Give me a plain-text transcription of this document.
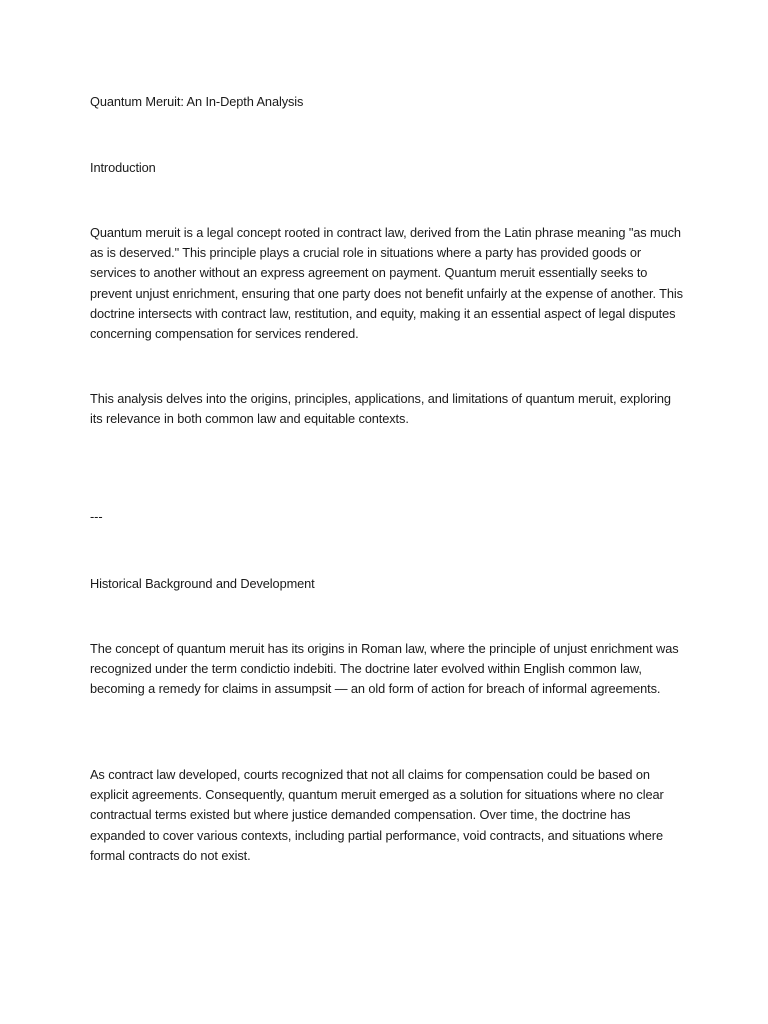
Quantum Meruit: An In-Depth Analysis

Introduction

Quantum meruit is a legal concept rooted in contract law, derived from the Latin phrase meaning "as much as is deserved." This principle plays a crucial role in situations where a party has provided goods or services to another without an express agreement on payment. Quantum meruit essentially seeks to prevent unjust enrichment, ensuring that one party does not benefit unfairly at the expense of another. This doctrine intersects with contract law, restitution, and equity, making it an essential aspect of legal disputes concerning compensation for services rendered.

This analysis delves into the origins, principles, applications, and limitations of quantum meruit, exploring its relevance in both common law and equitable contexts.

---

Historical Background and Development

The concept of quantum meruit has its origins in Roman law, where the principle of unjust enrichment was recognized under the term condictio indebiti. The doctrine later evolved within English common law, becoming a remedy for claims in assumpsit — an old form of action for breach of informal agreements.

As contract law developed, courts recognized that not all claims for compensation could be based on explicit agreements. Consequently, quantum meruit emerged as a solution for situations where no clear contractual terms existed but where justice demanded compensation. Over time, the doctrine has expanded to cover various contexts, including partial performance, void contracts, and situations where formal contracts do not exist.
